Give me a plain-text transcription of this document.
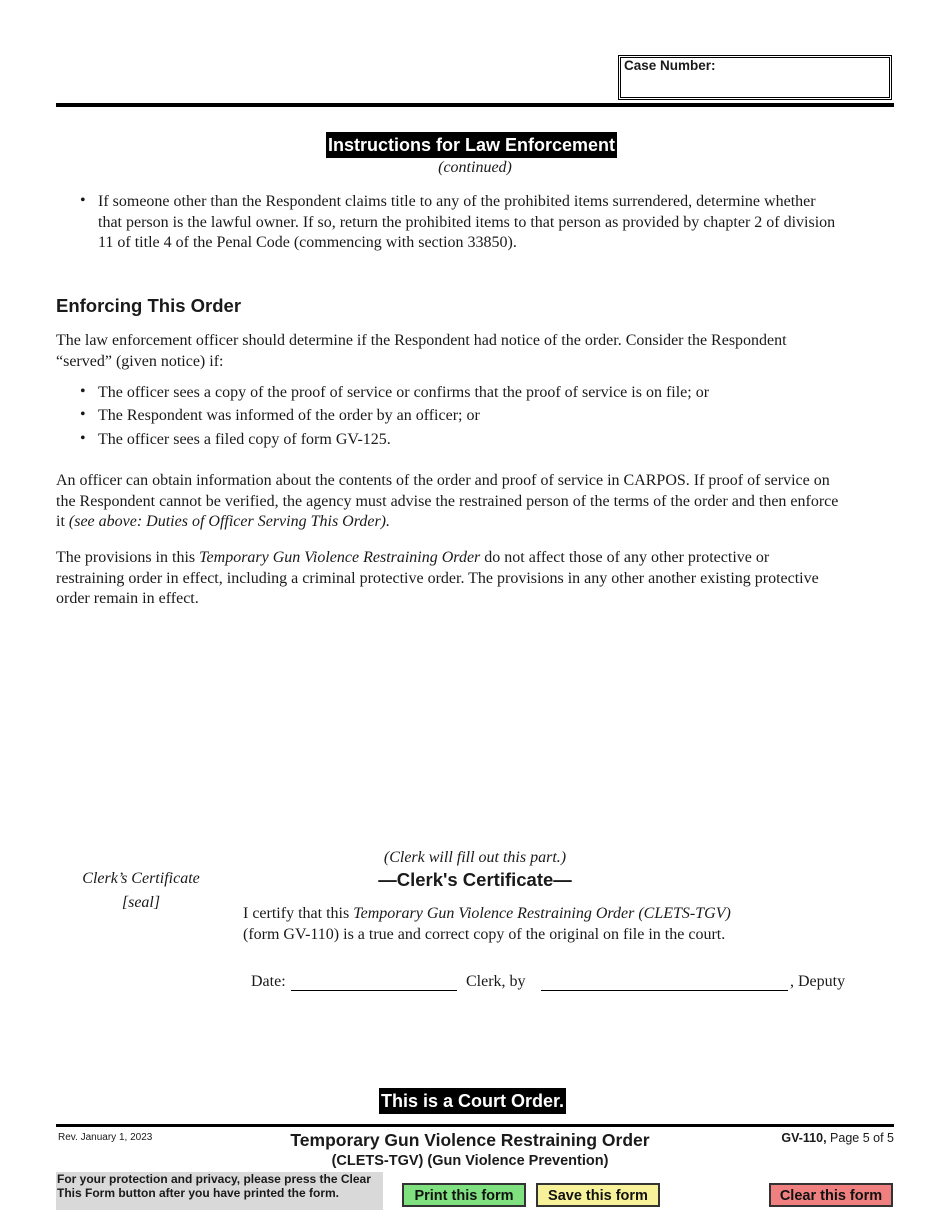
Case Number:
Instructions for Law Enforcement
(continued)
• If someone other than the Respondent claims title to any of the prohibited items surrendered, determine whether
that person is the lawful owner. If so, return the prohibited items to that person as provided by chapter 2 of division
11 of title 4 of the Penal Code (commencing with section 33850).
Enforcing This Order
The law enforcement officer should determine if the Respondent had notice of the order. Consider the Respondent
“served” (given notice) if:
• The officer sees a copy of the proof of service or confirms that the proof of service is on file; or
• The Respondent was informed of the order by an officer; or
• The officer sees a filed copy of form GV-125.
An officer can obtain information about the contents of the order and proof of service in CARPOS. If proof of service on
the Respondent cannot be verified, the agency must advise the restrained person of the terms of the order and then enforce
it (see above: Duties of Officer Serving This Order).
The provisions in this Temporary Gun Violence Restraining Order do not affect those of any other protective or
restraining order in effect, including a criminal protective order. The provisions in any other another existing protective
order remain in effect.
Clerk’s Certificate
[seal]
(Clerk will fill out this part.)
—Clerk's Certificate—
I certify that this Temporary Gun Violence Restraining Order (CLETS-TGV)
(form GV-110) is a true and correct copy of the original on file in the court.
Date:	Clerk, by	, Deputy
This is a Court Order.
Rev. January 1, 2023	Temporary Gun Violence Restraining Order
(CLETS-TGV) (Gun Violence Prevention)
GV-110, Page 5 of 5
For your protection and privacy, please press the Clear
This Form button after you have printed the form.	Print this form	Save this form	Clear this form
